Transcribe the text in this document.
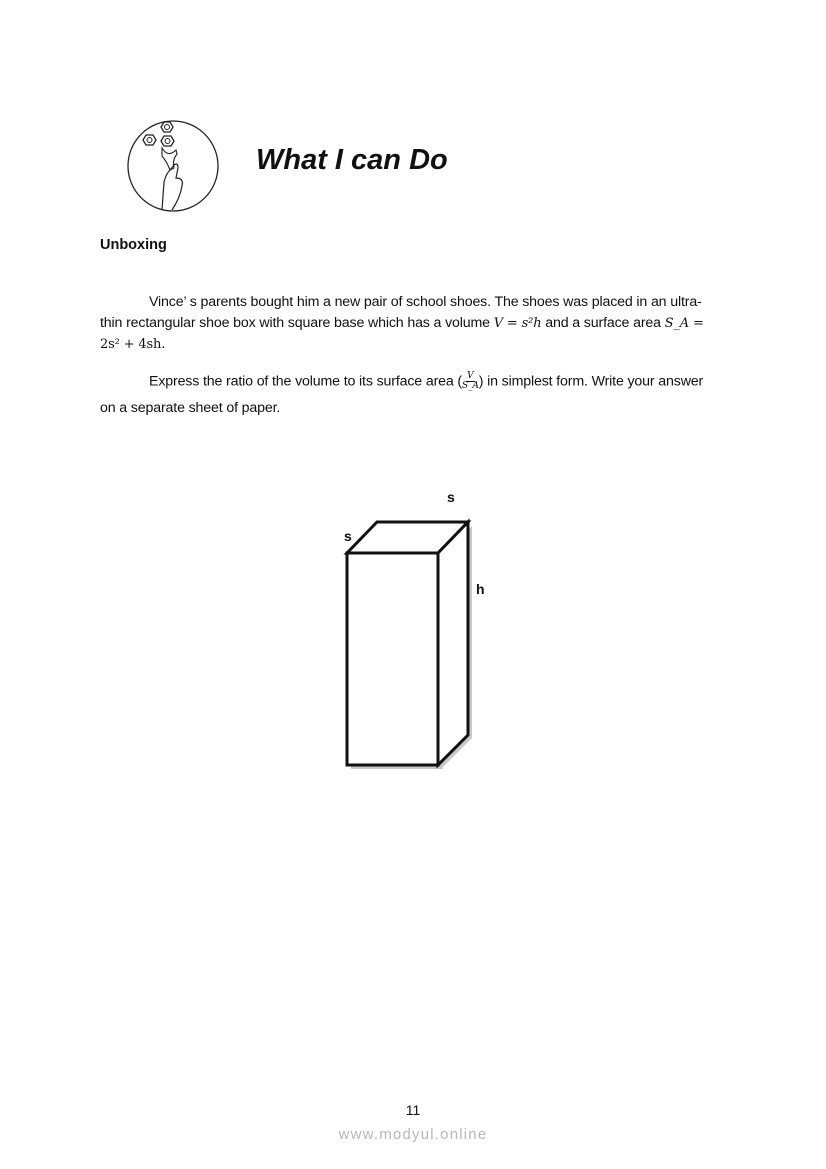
What I can Do
Unboxing
Vince’ s parents bought him a new pair of school shoes. The shoes was placed in an ultra-
thin rectangular shoe box with square base which has a volume V = s²h and a surface area S_A =
2s² + 4sh.
Express the ratio of the volume to its surface area ( $\frac{V}{S\_A}$ ) in simplest form. Write your answer
on a separate sheet of paper.
s
s
h
11
www.modyul.online
